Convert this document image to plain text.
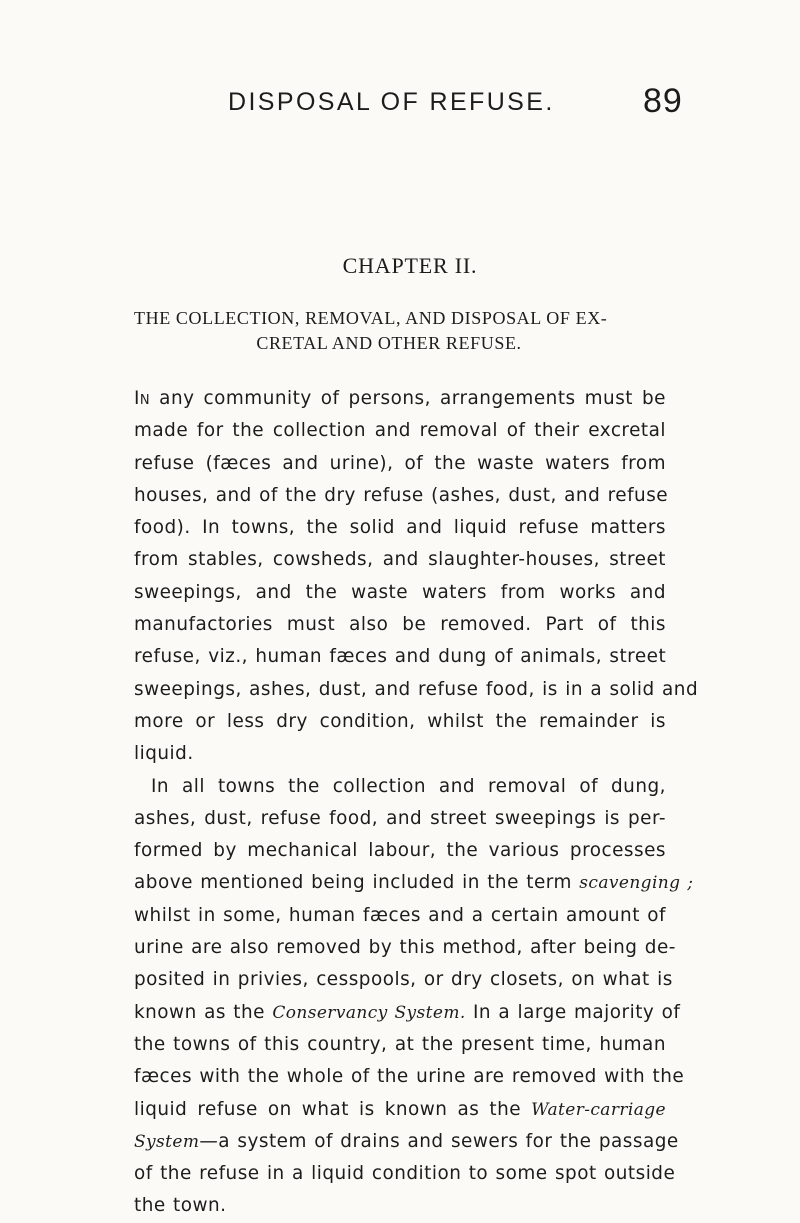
DISPOSAL OF REFUSE.	89
CHAPTER II.
THE COLLECTION, REMOVAL, AND DISPOSAL OF EX-
CRETAL AND OTHER REFUSE.
In any community of persons, arrangements must be
made for the collection and removal of their excretal
refuse (fæces and urine), of the waste waters from
houses, and of the dry refuse (ashes, dust, and refuse
food). In towns, the solid and liquid refuse matters
from stables, cowsheds, and slaughter-houses, street
sweepings, and the waste waters from works and
manufactories must also be removed. Part of this
refuse, viz., human fæces and dung of animals, street
sweepings, ashes, dust, and refuse food, is in a solid and
more or less dry condition, whilst the remainder is
liquid.
In all towns the collection and removal of dung,
ashes, dust, refuse food, and street sweepings is per-
formed by mechanical labour, the various processes
above mentioned being included in the term scavenging ;
whilst in some, human fæces and a certain amount of
urine are also removed by this method, after being de-
posited in privies, cesspools, or dry closets, on what is
known as the Conservancy System. In a large majority of
the towns of this country, at the present time, human
fæces with the whole of the urine are removed with the
liquid refuse on what is known as the Water-carriage
System—a system of drains and sewers for the passage
of the refuse in a liquid condition to some spot outside
the town.
